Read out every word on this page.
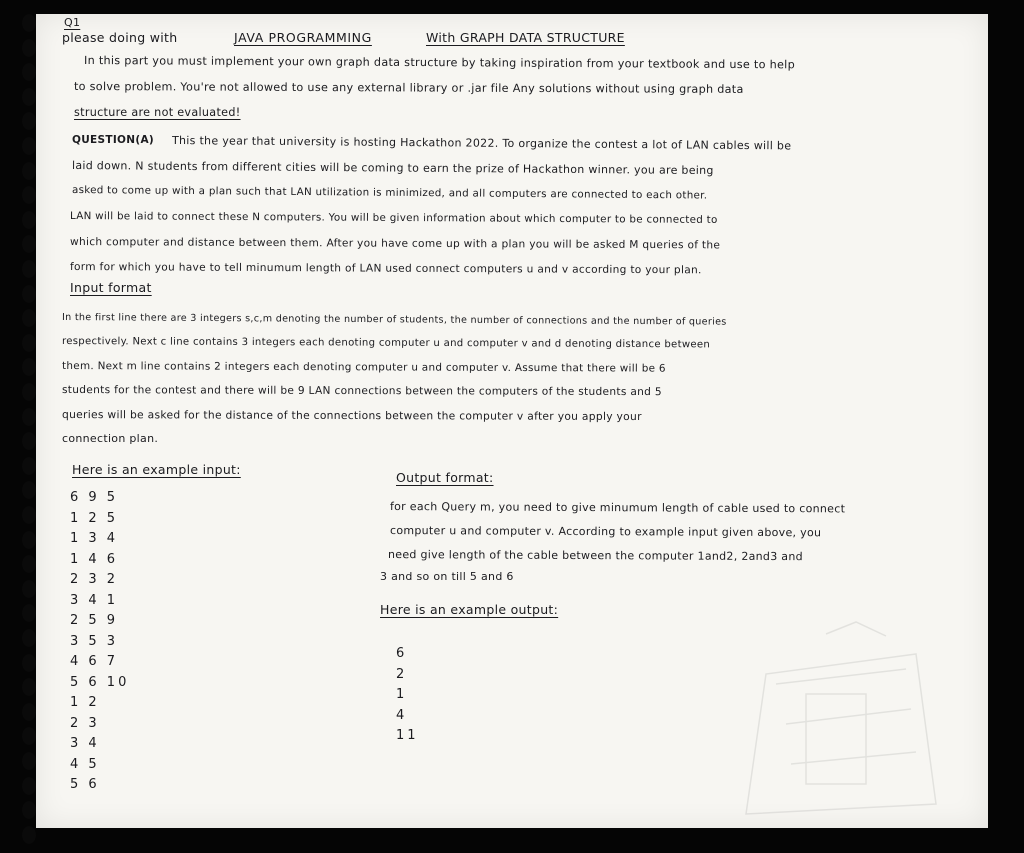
Q1
please doing with	JAVA PROGRAMMING	With GRAPH DATA STRUCTURE
In this part you must implement your own graph data structure by taking inspiration from your textbook and use to help
to solve problem. You're not allowed to use any external library or .jar file Any solutions without using graph data
structure are not evaluated!
QUESTION(A) This the year that university is hosting Hackathon 2022. To organize the contest a lot of LAN cables will be
laid down. N students from different cities will be coming to earn the prize of Hackathon winner. you are being
asked to come up with a plan such that LAN utilization is minimized, and all computers are connected to each other.
LAN will be laid to connect these N computers. You will be given information about which computer to be connected to
which computer and distance between them. After you have come up with a plan you will be asked M queries of the
form for which you have to tell minumum length of LAN used connect computers u and v according to your plan.
Input format
In the first line there are 3 integers s,c,m denoting the number of students, the number of connections and the number of queries
respectively. Next c line contains 3 integers each denoting computer u and computer v and d denoting distance between
them. Next m line contains 2 integers each denoting computer u and computer v. Assume that there will be 6
students for the contest and there will be 9 LAN connections between the computers of the students and 5
queries will be asked for the distance of the connections between the computer v after you apply your
connection plan.
Here is an example input:
6 9 5
1 2 5
1 3 4
1 4 6
2 3 2
3 4 1
2 5 9
3 5 3
4 6 7
5 6 10
1 2
2 3
3 4
4 5
5 6
Output format:
for each Query m, you need to give minumum length of cable used to connect
computer u and computer v. According to example input given above, you
need give length of the cable between the computer 1and2, 2and3 and
3 and so on till 5 and 6
Here is an example output:
6
2
1
4
11
